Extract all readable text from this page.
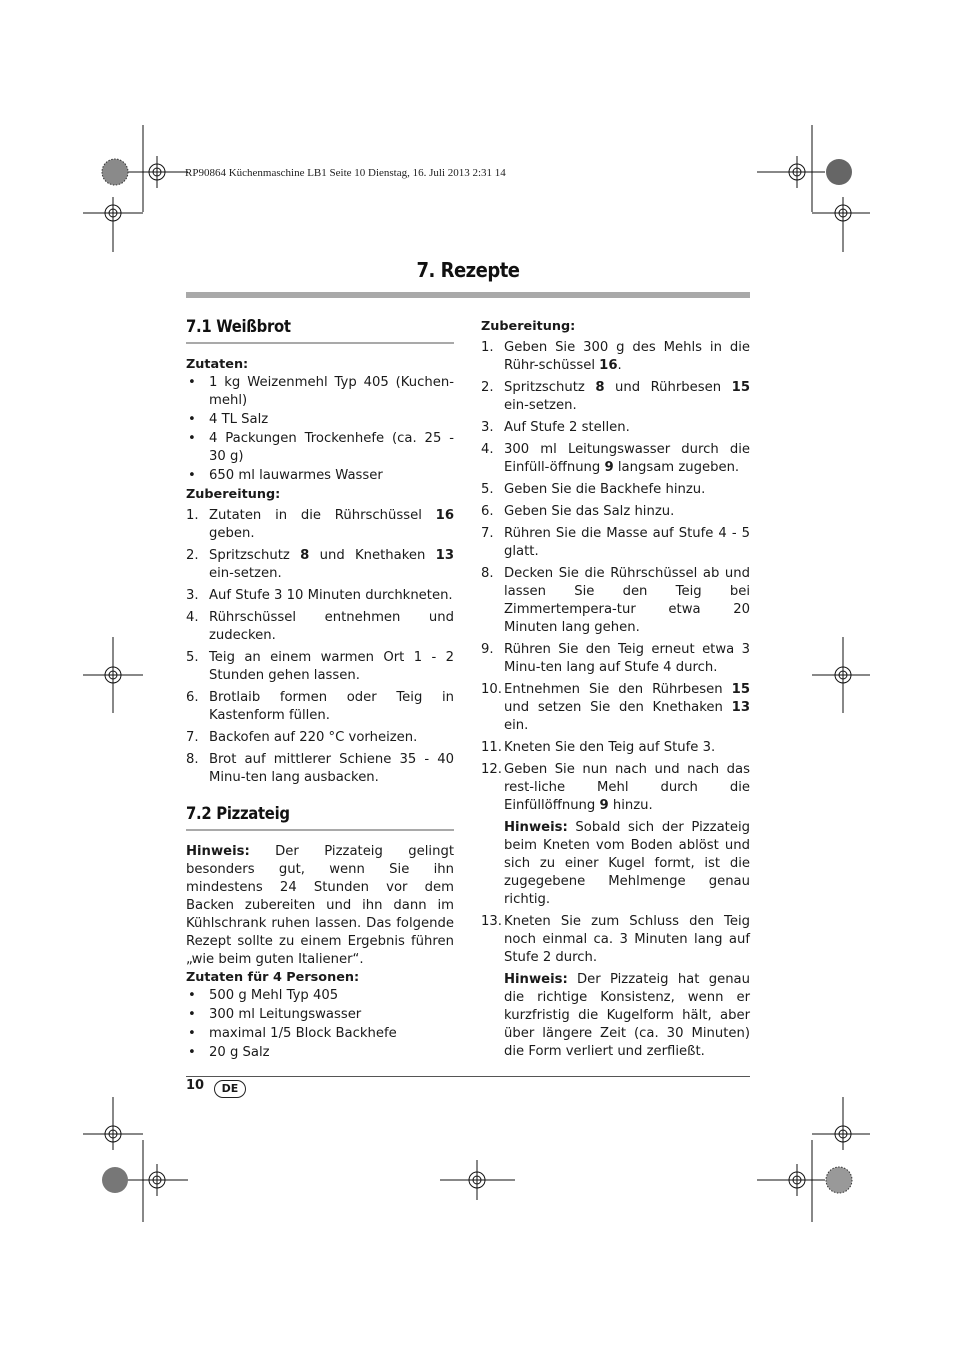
RP90864 Küchenmaschine LB1 Seite 10 Dienstag, 16. Juli 2013 2:31 14
7. Rezepte
7.1 Weißbrot

Zutaten:

• 1 kg Weizenmehl Typ 405 (Kuchen-mehl)
• 4 TL Salz
• 4 Packungen Trockenhefe (ca. 25 - 30 g)
• 650 ml lauwarmes Wasser

Zubereitung:

1. Zutaten in die Rührschüssel 16 geben.
2. Spritzschutz 8 und Knethaken 13 ein-setzen.
3. Auf Stufe 3 10 Minuten durchkneten.
4. Rührschüssel entnehmen und zudecken.
5. Teig an einem warmen Ort 1 - 2 Stunden gehen lassen.
6. Brotlaib formen oder Teig in Kastenform füllen.
7. Backofen auf 220 °C vorheizen.
8. Brot auf mittlerer Schiene 35 - 40 Minu-ten lang ausbacken.
7.2 Pizzateig

Hinweis: Der Pizzateig gelingt besonders gut, wenn Sie ihn mindestens 24 Stunden vor dem Backen zubereiten und ihn dann im Kühlschrank ruhen lassen. Das folgende Rezept sollte zu einem Ergebnis führen „wie beim guten Italiener“.

Zutaten für 4 Personen:

• 500 g Mehl Typ 405
• 300 ml Leitungswasser
• maximal 1/5 Block Backhefe
• 20 g Salz

Zubereitung:

1. Geben Sie 300 g des Mehls in die Rühr-schüssel 16.
2. Spritzschutz 8 und Rührbesen 15 ein-setzen.
3. Auf Stufe 2 stellen.
4. 300 ml Leitungswasser durch die Einfüll-öffnung 9 langsam zugeben.
5. Geben Sie die Backhefe hinzu.
6. Geben Sie das Salz hinzu.
7. Rühren Sie die Masse auf Stufe 4 - 5 glatt.
8. Decken Sie die Rührschüssel ab und lassen Sie den Teig bei Zimmertempera-tur etwa 20 Minuten lang gehen.
9. Rühren Sie den Teig erneut etwa 3 Minu-ten lang auf Stufe 4 durch.
10. Entnehmen Sie den Rührbesen 15 und setzen Sie den Knethaken 13 ein.
11. Kneten Sie den Teig auf Stufe 3.
12. Geben Sie nun nach und nach das rest-liche Mehl durch die Einfüllöffnung 9 hinzu.

Hinweis: Sobald sich der Pizzateig beim Kneten vom Boden ablöst und sich zu einer Kugel formt, ist die zugegebene Mehlmenge genau richtig.

13. Kneten Sie zum Schluss den Teig noch einmal ca. 3 Minuten lang auf Stufe 2 durch.

Hinweis: Der Pizzateig hat genau die richtige Konsistenz, wenn er kurzfristig die Kugelform hält, aber über längere Zeit (ca. 30 Minuten) die Form verliert und zerfließt.

10	DE
